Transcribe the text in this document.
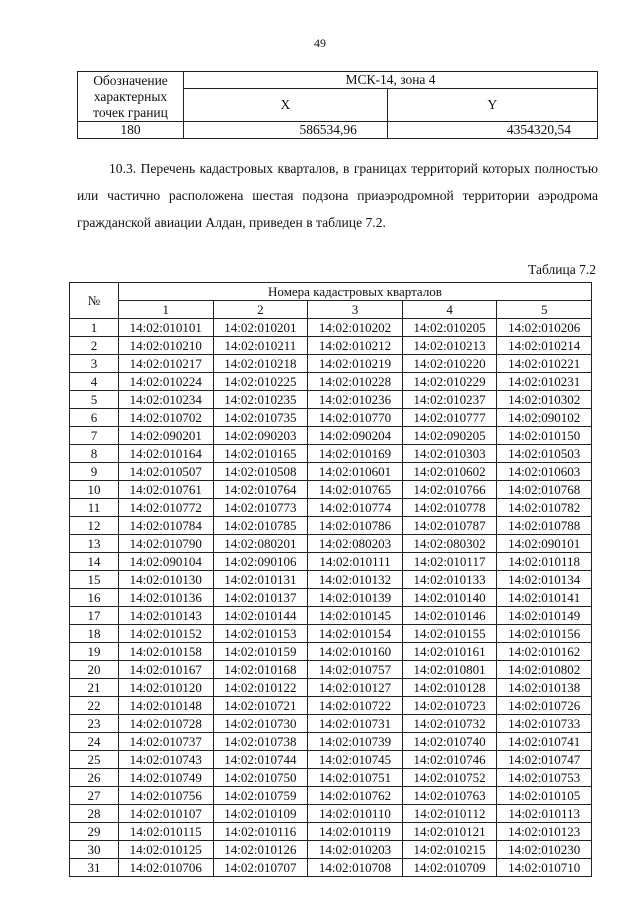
49
Обозначение характерных точек границ	МСК-14, зона 4	
	X	Y
180	586534,96	4354320,54

10.3. Перечень кадастровых кварталов, в границах территорий которых полностью или частично расположена шестая подзона приаэродромной территории аэродрома гражданской авиации Алдан, приведен в таблице 7.2.

Таблица 7.2
№	Номера кадастровых кварталов				
	1	2	3	4	5
1	14:02:010101	14:02:010201	14:02:010202	14:02:010205	14:02:010206
2	14:02:010210	14:02:010211	14:02:010212	14:02:010213	14:02:010214
3	14:02:010217	14:02:010218	14:02:010219	14:02:010220	14:02:010221
4	14:02:010224	14:02:010225	14:02:010228	14:02:010229	14:02:010231
5	14:02:010234	14:02:010235	14:02:010236	14:02:010237	14:02:010302
6	14:02:010702	14:02:010735	14:02:010770	14:02:010777	14:02:090102
7	14:02:090201	14:02:090203	14:02:090204	14:02:090205	14:02:010150
8	14:02:010164	14:02:010165	14:02:010169	14:02:010303	14:02:010503
9	14:02:010507	14:02:010508	14:02:010601	14:02:010602	14:02:010603
10	14:02:010761	14:02:010764	14:02:010765	14:02:010766	14:02:010768
11	14:02:010772	14:02:010773	14:02:010774	14:02:010778	14:02:010782
12	14:02:010784	14:02:010785	14:02:010786	14:02:010787	14:02:010788
13	14:02:010790	14:02:080201	14:02:080203	14:02:080302	14:02:090101
14	14:02:090104	14:02:090106	14:02:010111	14:02:010117	14:02:010118
15	14:02:010130	14:02:010131	14:02:010132	14:02:010133	14:02:010134
16	14:02:010136	14:02:010137	14:02:010139	14:02:010140	14:02:010141
17	14:02:010143	14:02:010144	14:02:010145	14:02:010146	14:02:010149
18	14:02:010152	14:02:010153	14:02:010154	14:02:010155	14:02:010156
19	14:02:010158	14:02:010159	14:02:010160	14:02:010161	14:02:010162
20	14:02:010167	14:02:010168	14:02:010757	14:02:010801	14:02:010802
21	14:02:010120	14:02:010122	14:02:010127	14:02:010128	14:02:010138
22	14:02:010148	14:02:010721	14:02:010722	14:02:010723	14:02:010726
23	14:02:010728	14:02:010730	14:02:010731	14:02:010732	14:02:010733
24	14:02:010737	14:02:010738	14:02:010739	14:02:010740	14:02:010741
25	14:02:010743	14:02:010744	14:02:010745	14:02:010746	14:02:010747
26	14:02:010749	14:02:010750	14:02:010751	14:02:010752	14:02:010753
27	14:02:010756	14:02:010759	14:02:010762	14:02:010763	14:02:010105
28	14:02:010107	14:02:010109	14:02:010110	14:02:010112	14:02:010113
29	14:02:010115	14:02:010116	14:02:010119	14:02:010121	14:02:010123
30	14:02:010125	14:02:010126	14:02:010203	14:02:010215	14:02:010230
31	14:02:010706	14:02:010707	14:02:010708	14:02:010709	14:02:010710
